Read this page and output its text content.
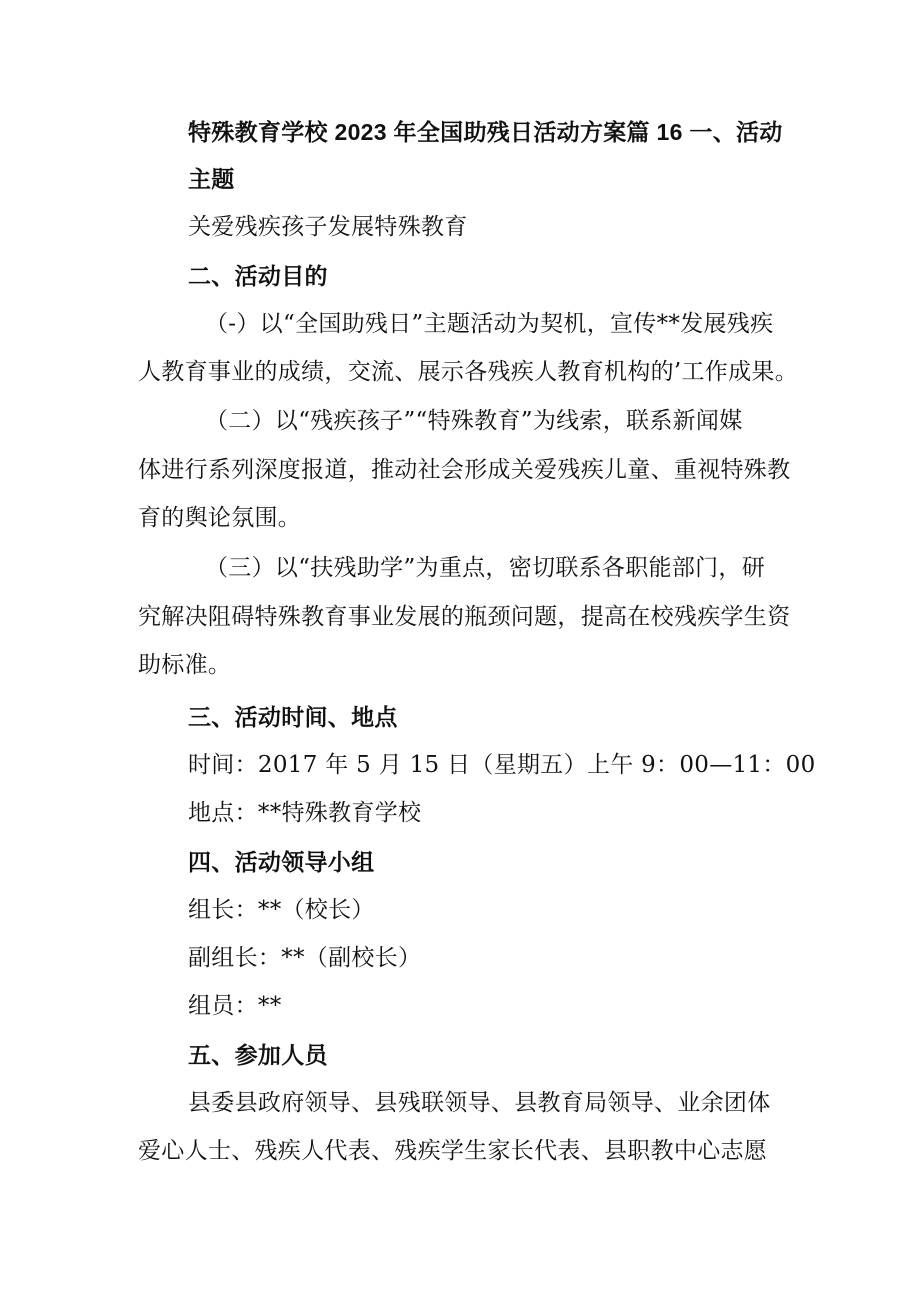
特殊教育学校 2023 年全国助残日活动方案篇 16 一、活动
主题
关爱残疾孩子发展特殊教育
二、活动目的
（-）以“全国助残日”主题活动为契机，宣传**发展残疾
人教育事业的成绩，交流、展示各残疾人教育机构的’工作成果。
（二）以“残疾孩子”“特殊教育”为线索，联系新闻媒
体进行系列深度报道，推动社会形成关爱残疾儿童、重视特殊教
育的舆论氛围。
（三）以“扶残助学”为重点，密切联系各职能部门，研
究解决阻碍特殊教育事业发展的瓶颈问题，提高在校残疾学生资
助标准。
三、活动时间、地点
时间：2017 年 5 月 15 日（星期五）上午 9：00—11：00
地点：**特殊教育学校
四、活动领导小组
组长：**（校长）
副组长：**（副校长）
组员：**
五、参加人员
县委县政府领导、县残联领导、县教育局领导、业余团体
爱心人士、残疾人代表、残疾学生家长代表、县职教中心志愿
